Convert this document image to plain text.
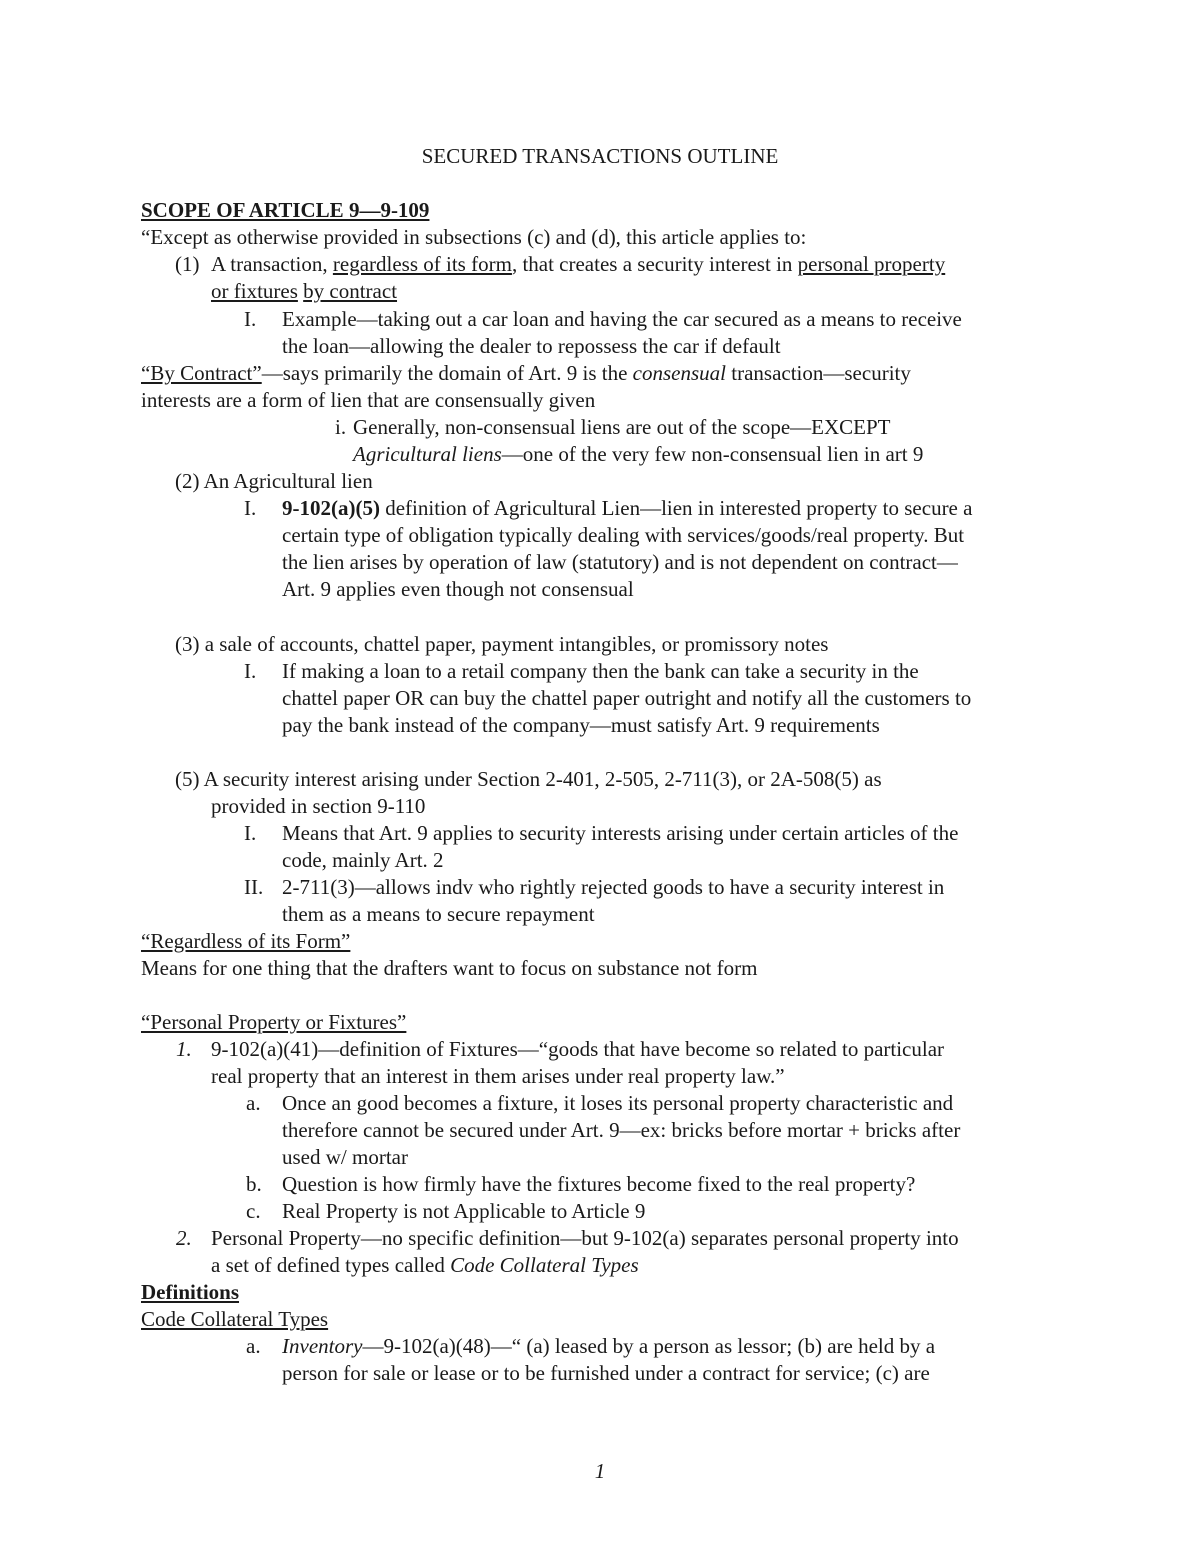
SECURED TRANSACTIONS OUTLINE
SCOPE OF ARTICLE 9—9-109
“Except as otherwise provided in subsections (c) and (d), this article applies to:
(1) A transaction, regardless of its form, that creates a security interest in personal property
or fixtures by contract
I. Example—taking out a car loan and having the car secured as a means to receive
the loan—allowing the dealer to repossess the car if default
“By Contract”—says primarily the domain of Art. 9 is the consensual transaction—security
interests are a form of lien that are consensually given
i. Generally, non-consensual liens are out of the scope—EXCEPT
Agricultural liens—one of the very few non-consensual lien in art 9
(2) An Agricultural lien
I. 9-102(a)(5) definition of Agricultural Lien—lien in interested property to secure a
certain type of obligation typically dealing with services/goods/real property. But
the lien arises by operation of law (statutory) and is not dependent on contract—
Art. 9 applies even though not consensual
(3) a sale of accounts, chattel paper, payment intangibles, or promissory notes
I. If making a loan to a retail company then the bank can take a security in the
chattel paper OR can buy the chattel paper outright and notify all the customers to
pay the bank instead of the company—must satisfy Art. 9 requirements
(5) A security interest arising under Section 2-401, 2-505, 2-711(3), or 2A-508(5) as
provided in section 9-110
I. Means that Art. 9 applies to security interests arising under certain articles of the
code, mainly Art. 2
II. 2-711(3)—allows indv who rightly rejected goods to have a security interest in
them as a means to secure repayment
“Regardless of its Form”
Means for one thing that the drafters want to focus on substance not form
“Personal Property or Fixtures”
1. 9-102(a)(41)—definition of Fixtures—“goods that have become so related to particular
real property that an interest in them arises under real property law.”
a. Once an good becomes a fixture, it loses its personal property characteristic and
therefore cannot be secured under Art. 9—ex: bricks before mortar + bricks after
used w/ mortar
b. Question is how firmly have the fixtures become fixed to the real property?
c. Real Property is not Applicable to Article 9
2. Personal Property—no specific definition—but 9-102(a) separates personal property into
a set of defined types called Code Collateral Types
Definitions
Code Collateral Types
a. Inventory—9-102(a)(48)—“ (a) leased by a person as lessor; (b) are held by a
person for sale or lease or to be furnished under a contract for service; (c) are
1
